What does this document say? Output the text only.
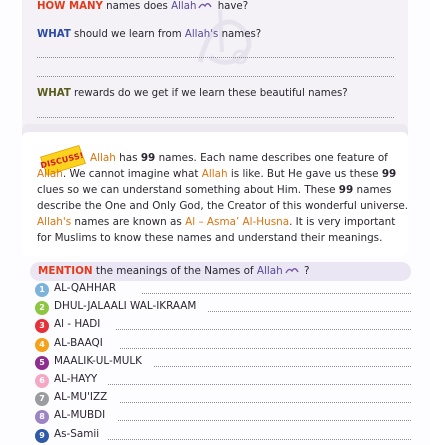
HOW MANY names does Allah have?
WHAT should we learn from Allah's names?
WHAT rewards do we get if we learn these beautiful names?
DISCUSS! Allah has 99 names. Each name describes one feature of
Allah. We cannot imagine what Allah is like. But He gave us these 99
clues so we can understand something about Him. These 99 names
describe the One and Only God, the Creator of this wonderful universe.
Allah's names are known as Al – Asma’ Al-Husna. It is very important
for Muslims to know these names and understand their meanings.
MENTION the meanings of the Names of Allah ?
1 AL-QAHHAR
2 DHUL-JALAALI WAL-IKRAAM
3 Al - HADI
4 AL-BAAQI
5 MAALIK-UL-MULK
6 AL-HAYY
7 AL-MU'IZZ
8 AL-MUBDI
9 As-Samii
